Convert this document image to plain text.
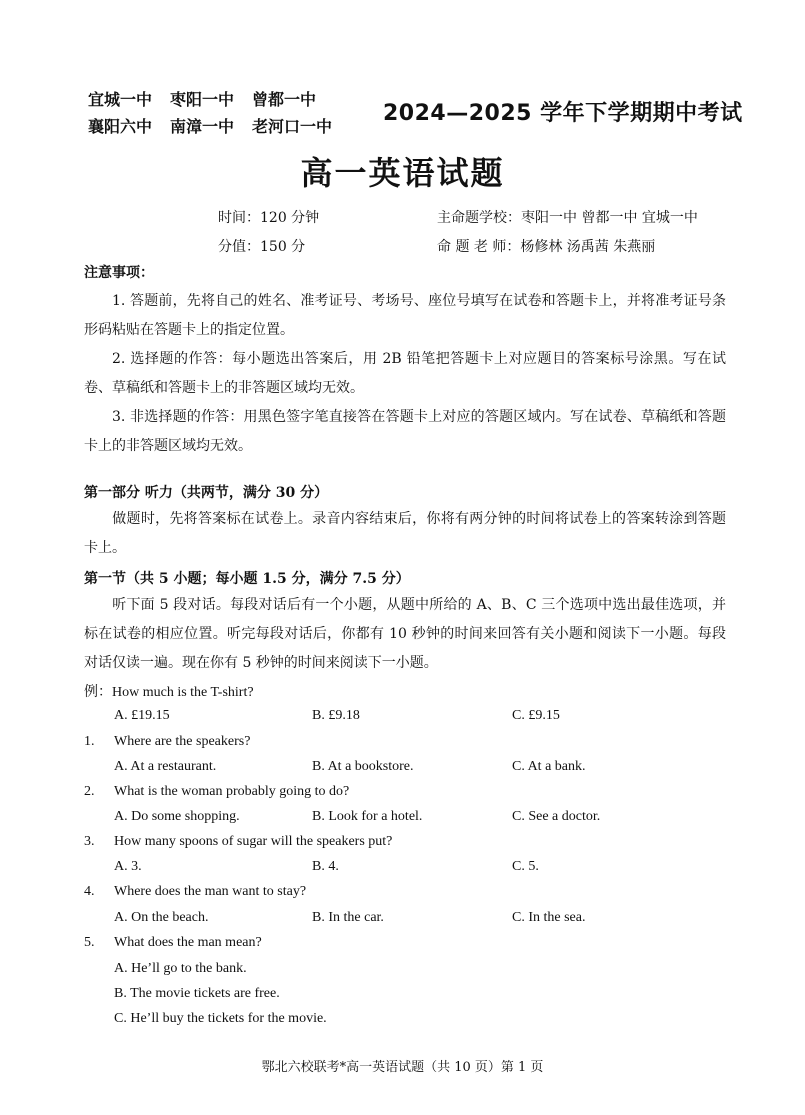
宜城一中 枣阳一中 曾都一中
襄阳六中 南漳一中 老河口一中
2024—2025 学年下学期期中考试
高一英语试题
时间：120 分钟
分值：150 分
主命题学校：枣阳一中 曾都一中 宜城一中
命 题 老 师：杨修林 汤禹茜 朱燕丽
注意事项：
1. 答题前，先将自己的姓名、准考证号、考场号、座位号填写在试卷和答题卡上，并将准考证号条形码粘贴在答题卡上的指定位置。
2. 选择题的作答：每小题选出答案后，用 2B 铅笔把答题卡上对应题目的答案标号涂黑。写在试卷、草稿纸和答题卡上的非答题区域均无效。
3. 非选择题的作答：用黑色签字笔直接答在答题卡上对应的答题区域内。写在试卷、草稿纸和答题卡上的非答题区域均无效。
第一部分 听力（共两节，满分 30 分）
做题时，先将答案标在试卷上。录音内容结束后，你将有两分钟的时间将试卷上的答案转涂到答题卡上。
第一节（共 5 小题；每小题 1.5 分，满分 7.5 分）
听下面 5 段对话。每段对话后有一个小题，从题中所给的 A、B、C 三个选项中选出最佳选项，并标在试卷的相应位置。听完每段对话后，你都有 10 秒钟的时间来回答有关小题和阅读下一小题。每段对话仅读一遍。现在你有 5 秒钟的时间来阅读下一小题。
例：How much is the T-shirt?
A. £19.15	B. £9.18	C. £9.15
1. Where are the speakers?
A. At a restaurant.	B. At a bookstore.	C. At a bank.
2. What is the woman probably going to do?
A. Do some shopping.	B. Look for a hotel.	C. See a doctor.
3. How many spoons of sugar will the speakers put?
A. 3.	B. 4.	C. 5.
4. Where does the man want to stay?
A. On the beach.	B. In the car.	C. In the sea.
5. What does the man mean?
A. He’ll go to the bank.
B. The movie tickets are free.
C. He’ll buy the tickets for the movie.
鄂北六校联考*高一英语试题（共 10 页）第 1 页
